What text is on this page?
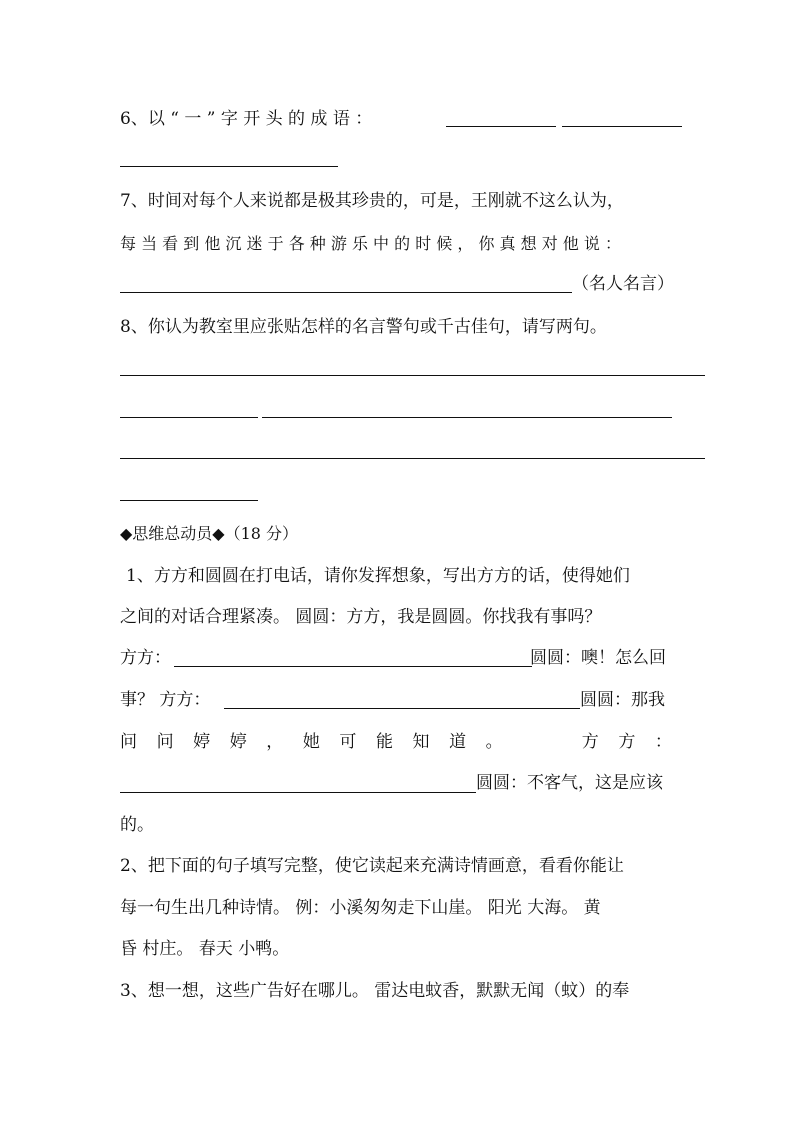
6、以 “ 一 ” 字 开 头 的 成 语 ：
7、时间对每个人来说都是极其珍贵的，可是，王刚就不这么认为，
每 当 看 到 他 沉 迷 于 各 种 游 乐 中 的 时 候 ， 你 真 想 对 他 说 ：
（名人名言）
8、你认为教室里应张贴怎样的名言警句或千古佳句，请写两句。
◆思维总动员◆（18 分）
1、方方和圆圆在打电话，请你发挥想象，写出方方的话，使得她们
之间的对话合理紧凑。 圆圆：方方，我是圆圆。你找我有事吗？
方方：	圆圆：噢！怎么回
事？ 方方：	圆圆：那我
问 问 婷 婷 ， 她 可 能 知 道 。	方 方 ：
圆圆：不客气，这是应该
的。
2、把下面的句子填写完整，使它读起来充满诗情画意，看看你能让
每一句生出几种诗情。 例：小溪匆匆走下山崖。 阳光 大海。 黄
昏 村庄。 春天 小鸭。
3、想一想，这些广告好在哪儿。 雷达电蚊香，默默无闻（蚊）的奉
